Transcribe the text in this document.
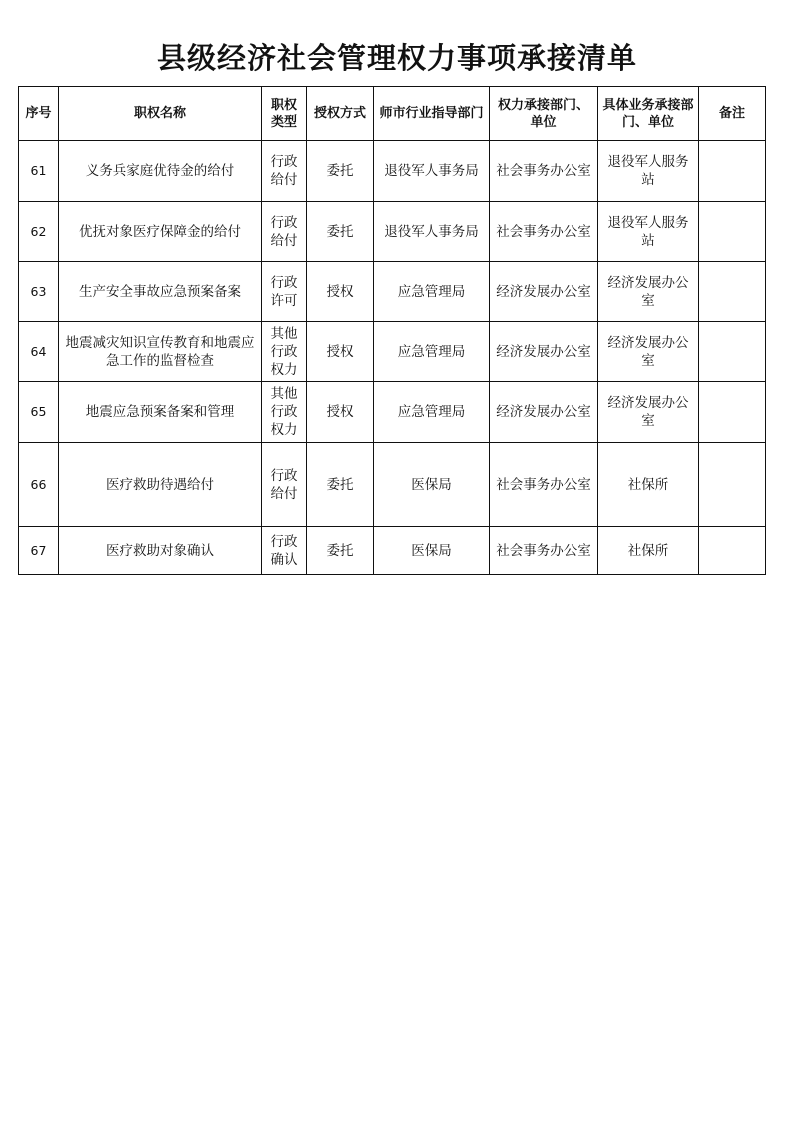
县级经济社会管理权力事项承接清单
序号	职权名称	职权类型	授权方式	师市行业指导部门	权力承接部门、单位	具体业务承接部门、单位	备注
61	义务兵家庭优待金的给付	行政给付	委托	退役军人事务局	社会事务办公室	退役军人服务站	
62	优抚对象医疗保障金的给付	行政给付	委托	退役军人事务局	社会事务办公室	退役军人服务站	
63	生产安全事故应急预案备案	行政许可	授权	应急管理局	经济发展办公室	经济发展办公室	
64	地震减灾知识宣传教育和地震应急工作的监督检查	其他行政权力	授权	应急管理局	经济发展办公室	经济发展办公室	
65	地震应急预案备案和管理	其他行政权力	授权	应急管理局	经济发展办公室	经济发展办公室	
66	医疗救助待遇给付	行政给付	委托	医保局	社会事务办公室	社保所	
67	医疗救助对象确认	行政确认	委托	医保局	社会事务办公室	社保所	
